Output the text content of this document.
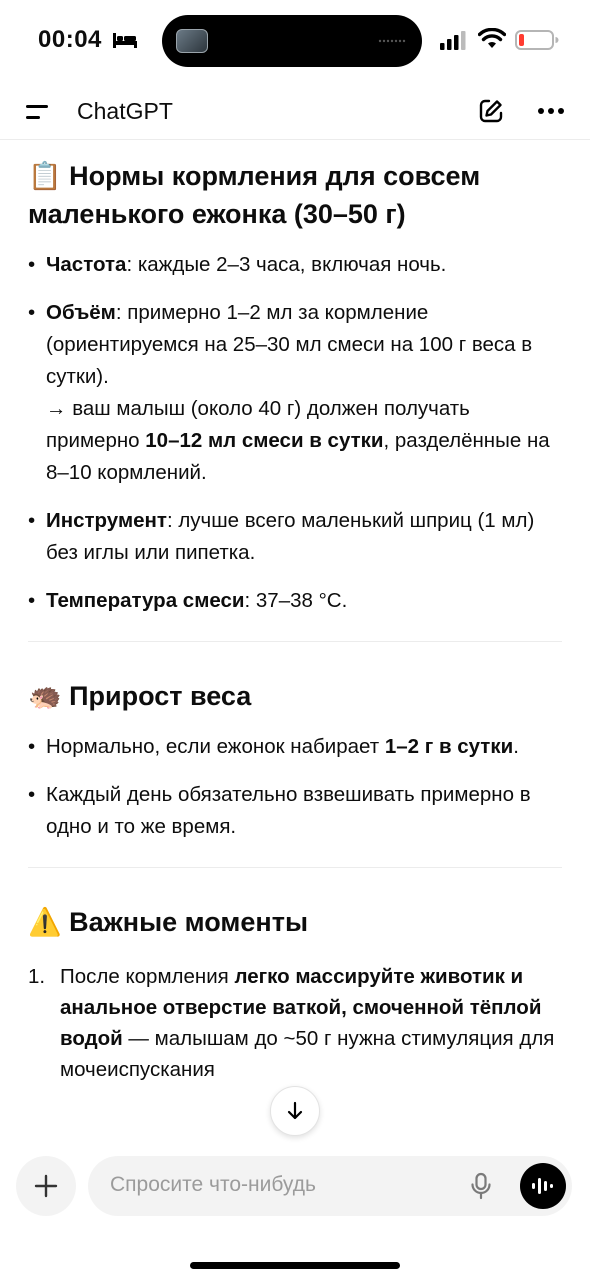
00:04
ChatGPT
📋 Нормы кормления для совсем маленького ежонка (30–50 г)
• Частота: каждые 2–3 часа, включая ночь.
• Объём: примерно 1–2 мл за кормление (ориентируемся на 25–30 мл смеси на 100 г веса в сутки).
→ ваш малыш (около 40 г) должен получать примерно 10–12 мл смеси в сутки, разделённые на 8–10 кормлений.
• Инструмент: лучше всего маленький шприц (1 мл) без иглы или пипетка.
• Температура смеси: 37–38 °C.
🦔 Прирост веса
• Нормально, если ежонок набирает 1–2 г в сутки.
• Каждый день обязательно взвешивать примерно в одно и то же время.
⚠️ Важные моменты
1. После кормления легко массируйте животик и анальное отверстие ваткой, смоченной тёплой водой — малышам до ~50 г нужна стимуляция для мочеиспускания
Спросите что-нибудь
